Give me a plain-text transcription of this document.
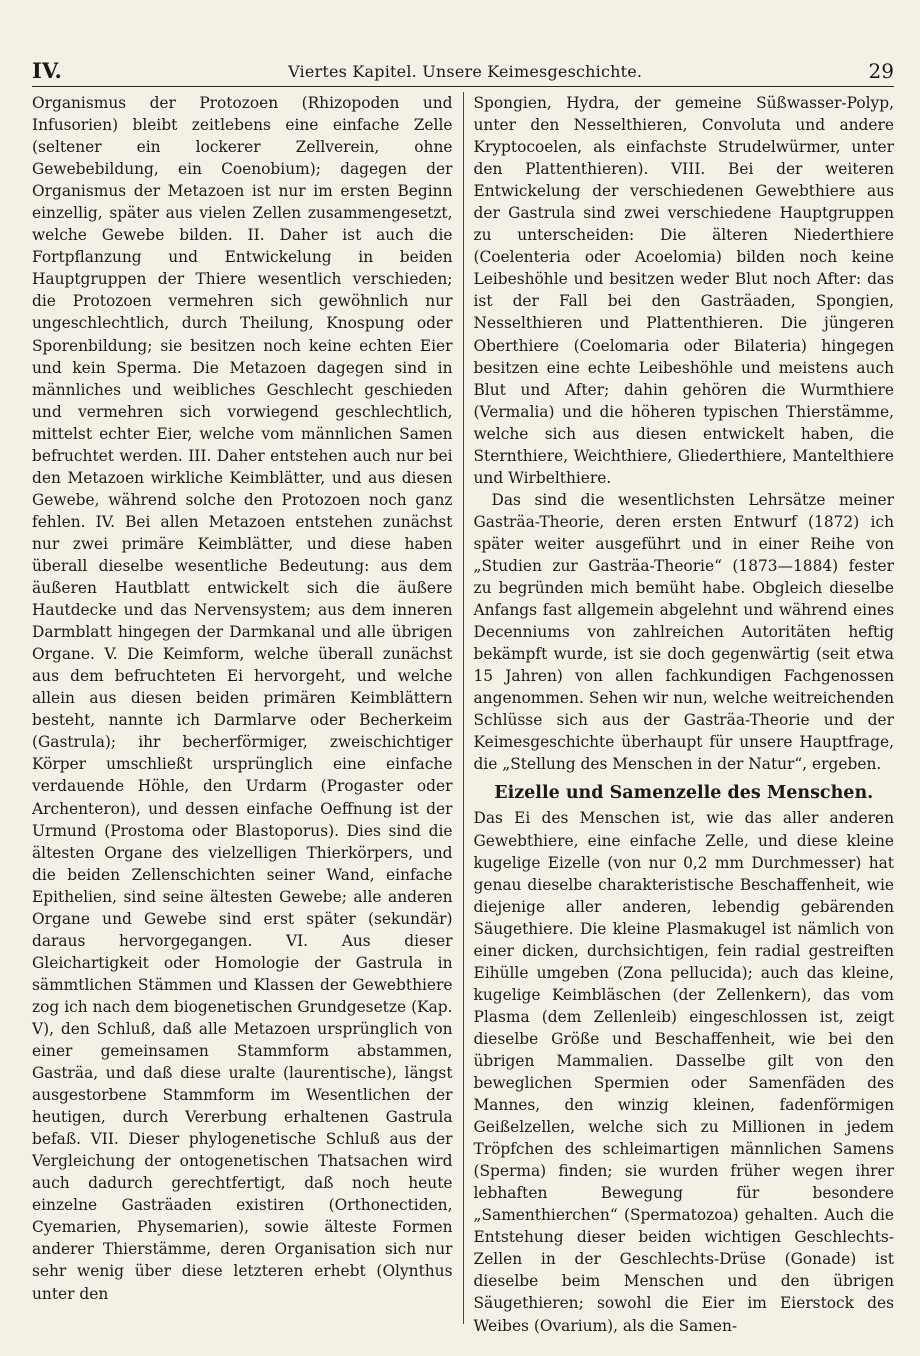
IV.	Viertes Kapitel. Unsere Keimesgeschichte.	29

Organismus der Protozoen (Rhizopoden und Infusorien) bleibt zeitlebens eine einfache Zelle (seltener ein lockerer Zellverein, ohne Gewebebildung, ein Coenobium); dagegen der Organismus der Metazoen ist nur im ersten Beginn einzellig, später aus vielen Zellen zusammengesetzt, welche Gewebe bilden. II. Daher ist auch die Fortpflanzung und Entwickelung in beiden Hauptgruppen der Thiere wesentlich verschieden; die Protozoen vermehren sich gewöhnlich nur ungeschlechtlich, durch Theilung, Knospung oder Sporenbildung; sie besitzen noch keine echten Eier und kein Sperma. Die Metazoen dagegen sind in männliches und weibliches Geschlecht geschieden und vermehren sich vorwiegend geschlechtlich, mittelst echter Eier, welche vom männlichen Samen befruchtet werden. III. Daher entstehen auch nur bei den Metazoen wirkliche Keimblätter, und aus diesen Gewebe, während solche den Protozoen noch ganz fehlen. IV. Bei allen Metazoen entstehen zunächst nur zwei primäre Keimblätter, und diese haben überall dieselbe wesentliche Bedeutung: aus dem äußeren Hautblatt entwickelt sich die äußere Hautdecke und das Nervensystem; aus dem inneren Darmblatt hingegen der Darmkanal und alle übrigen Organe. V. Die Keimform, welche überall zunächst aus dem befruchteten Ei hervorgeht, und welche allein aus diesen beiden primären Keimblättern besteht, nannte ich Darmlarve oder Becherkeim (Gastrula); ihr becherförmiger, zweischichtiger Körper umschließt ursprünglich eine einfache verdauende Höhle, den Urdarm (Progaster oder Archenteron), und dessen einfache Oeffnung ist der Urmund (Prostoma oder Blastoporus). Dies sind die ältesten Organe des vielzelligen Thierkörpers, und die beiden Zellenschichten seiner Wand, einfache Epithelien, sind seine ältesten Gewebe; alle anderen Organe und Gewebe sind erst später (sekundär) daraus hervorgegangen. VI. Aus dieser Gleichartigkeit oder Homologie der Gastrula in sämmtlichen Stämmen und Klassen der Gewebthiere zog ich nach dem biogenetischen Grundgesetze (Kap. V), den Schluß, daß alle Metazoen ursprünglich von einer gemeinsamen Stammform abstammen, Gasträa, und daß diese uralte (laurentische), längst ausgestorbene Stammform im Wesentlichen der heutigen, durch Vererbung erhaltenen Gastrula befaß. VII. Dieser phylogenetische Schluß aus der Vergleichung der ontogenetischen Thatsachen wird auch dadurch gerechtfertigt, daß noch heute einzelne Gasträaden existiren (Orthonectiden, Cyemarien, Physemarien), sowie älteste Formen anderer Thierstämme, deren Organisation sich nur sehr wenig über diese letzteren erhebt (Olynthus unter den

Spongien, Hydra, der gemeine Süßwasser-Polyp, unter den Nesselthieren, Convoluta und andere Kryptocoelen, als einfachste Strudelwürmer, unter den Plattenthieren). VIII. Bei der weiteren Entwickelung der verschiedenen Gewebthiere aus der Gastrula sind zwei verschiedene Hauptgruppen zu unterscheiden: Die älteren Niederthiere (Coelenteria oder Acoelomia) bilden noch keine Leibeshöhle und besitzen weder Blut noch After: das ist der Fall bei den Gasträaden, Spongien, Nesselthieren und Plattenthieren. Die jüngeren Oberthiere (Coelomaria oder Bilateria) hingegen besitzen eine echte Leibeshöhle und meistens auch Blut und After; dahin gehören die Wurmthiere (Vermalia) und die höheren typischen Thierstämme, welche sich aus diesen entwickelt haben, die Sternthiere, Weichthiere, Gliederthiere, Mantelthiere und Wirbelthiere.

Das sind die wesentlichsten Lehrsätze meiner Gasträa-Theorie, deren ersten Entwurf (1872) ich später weiter ausgeführt und in einer Reihe von „Studien zur Gasträa-Theorie“ (1873—1884) fester zu begründen mich bemüht habe. Obgleich dieselbe Anfangs fast allgemein abgelehnt und während eines Decenniums von zahlreichen Autoritäten heftig bekämpft wurde, ist sie doch gegenwärtig (seit etwa 15 Jahren) von allen fachkundigen Fachgenossen angenommen. Sehen wir nun, welche weitreichenden Schlüsse sich aus der Gasträa-Theorie und der Keimesgeschichte überhaupt für unsere Hauptfrage, die „Stellung des Menschen in der Natur“, ergeben.

Eizelle und Samenzelle des Menschen.

Das Ei des Menschen ist, wie das aller anderen Gewebthiere, eine einfache Zelle, und diese kleine kugelige Eizelle (von nur 0,2 mm Durchmesser) hat genau dieselbe charakteristische Beschaffenheit, wie diejenige aller anderen, lebendig gebärenden Säugethiere. Die kleine Plasmakugel ist nämlich von einer dicken, durchsichtigen, fein radial gestreiften Eihülle umgeben (Zona pellucida); auch das kleine, kugelige Keimbläschen (der Zellenkern), das vom Plasma (dem Zellenleib) eingeschlossen ist, zeigt dieselbe Größe und Beschaffenheit, wie bei den übrigen Mammalien. Dasselbe gilt von den beweglichen Spermien oder Samenfäden des Mannes, den winzig kleinen, fadenförmigen Geißelzellen, welche sich zu Millionen in jedem Tröpfchen des schleimartigen männlichen Samens (Sperma) finden; sie wurden früher wegen ihrer lebhaften Bewegung für besondere „Samenthierchen“ (Spermatozoa) gehalten. Auch die Entstehung dieser beiden wichtigen Geschlechts-Zellen in der Geschlechts-Drüse (Gonade) ist dieselbe beim Menschen und den übrigen Säugethieren; sowohl die Eier im Eierstock des Weibes (Ovarium), als die Samen-
